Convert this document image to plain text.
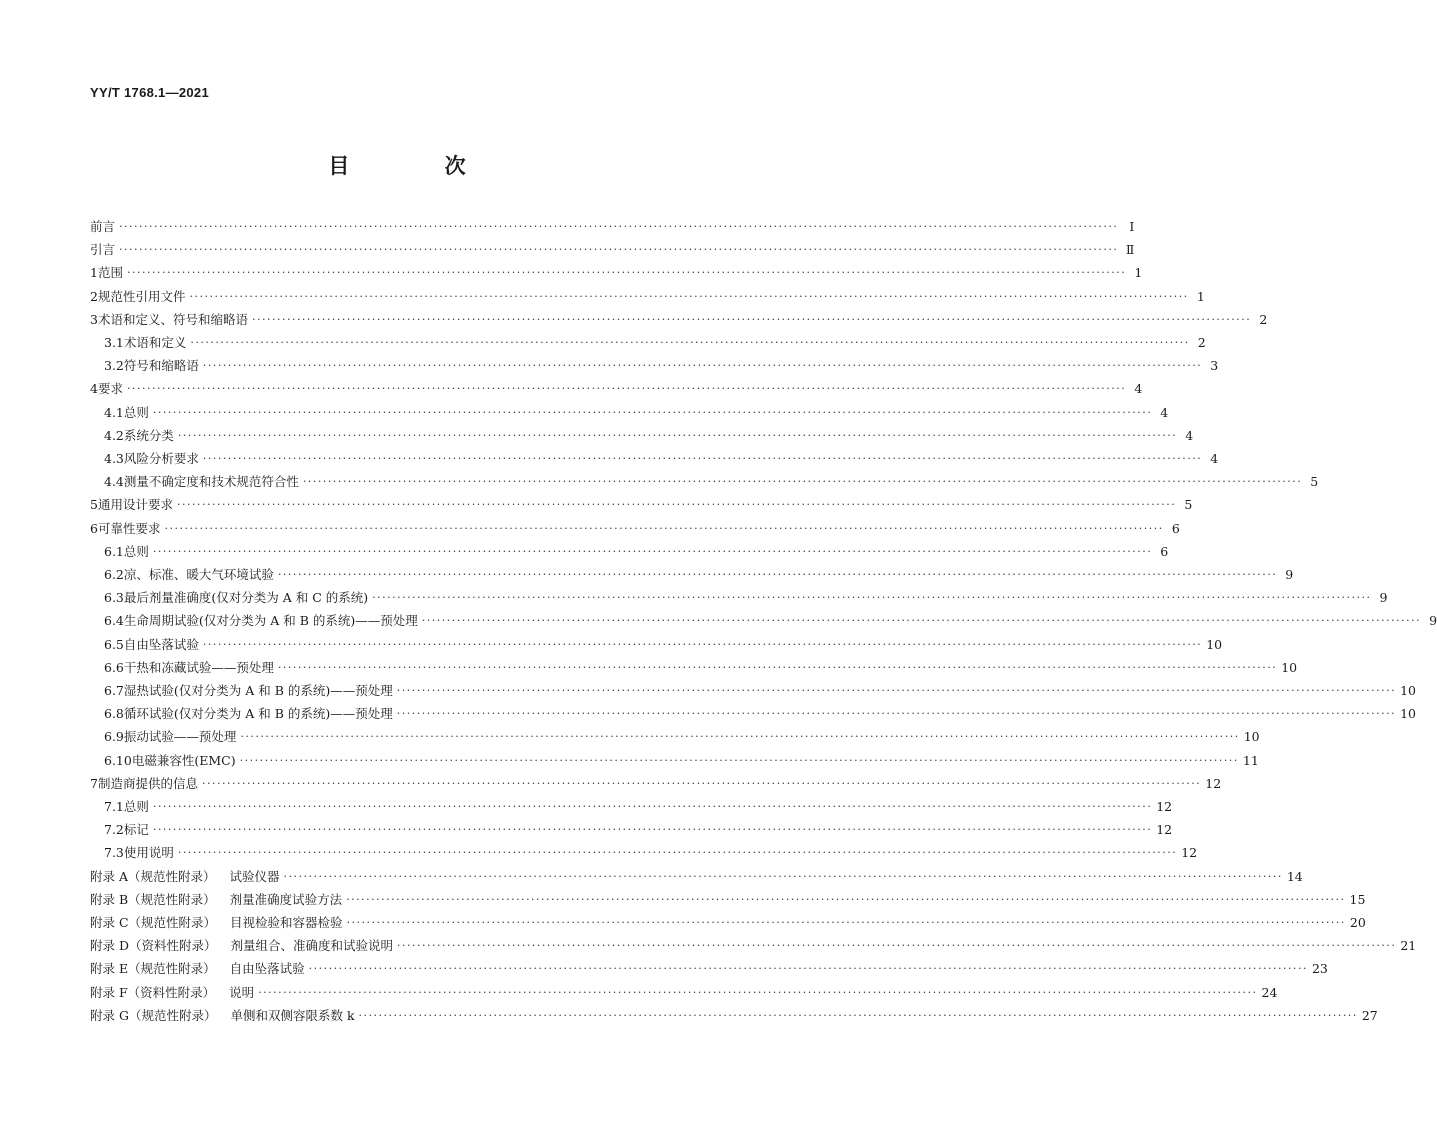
YY/T 1768.1—2021
目 次
前言 ········································································································································································································ Ⅰ
引言 ········································································································································································································ Ⅱ
1 范围 ········································································································································································································ 1
2 规范性引用文件 ········································································································································································································ 1
3 术语和定义、符号和缩略语 ········································································································································································································ 2
3.1 术语和定义 ········································································································································································································ 2
3.2 符号和缩略语 ········································································································································································································ 3
4 要求 ········································································································································································································ 4
4.1 总则 ········································································································································································································ 4
4.2 系统分类 ········································································································································································································ 4
4.3 风险分析要求 ········································································································································································································ 4
4.4 测量不确定度和技术规范符合性 ········································································································································································································ 5
5 通用设计要求 ········································································································································································································ 5
6 可靠性要求 ········································································································································································································ 6
6.1 总则 ········································································································································································································ 6
6.2 凉、标准、暖大气环境试验 ········································································································································································································ 9
6.3 最后剂量准确度(仅对分类为 A 和 C 的系统) ········································································································································································································ 9
6.4 生命周期试验(仅对分类为 A 和 B 的系统)——预处理 ········································································································································································································ 9
6.5 自由坠落试验 ········································································································································································································ 10
6.6 干热和冻藏试验——预处理 ········································································································································································································ 10
6.7 湿热试验(仅对分类为 A 和 B 的系统)——预处理 ········································································································································································································ 10
6.8 循环试验(仅对分类为 A 和 B 的系统)——预处理 ········································································································································································································ 10
6.9 振动试验——预处理 ········································································································································································································ 10
6.10 电磁兼容性(EMC) ········································································································································································································ 11
7 制造商提供的信息 ········································································································································································································ 12
7.1 总则 ········································································································································································································ 12
7.2 标记 ········································································································································································································ 12
7.3 使用说明 ········································································································································································································ 12
附录 A（规范性附录） 试验仪器 ········································································································································································································ 14
附录 B（规范性附录） 剂量准确度试验方法 ········································································································································································································ 15
附录 C（规范性附录） 目视检验和容器检验 ········································································································································································································ 20
附录 D（资料性附录） 剂量组合、准确度和试验说明 ········································································································································································································ 21
附录 E（规范性附录） 自由坠落试验 ········································································································································································································ 23
附录 F（资料性附录） 说明 ········································································································································································································ 24
附录 G（规范性附录） 单侧和双侧容限系数 k ········································································································································································································ 27
